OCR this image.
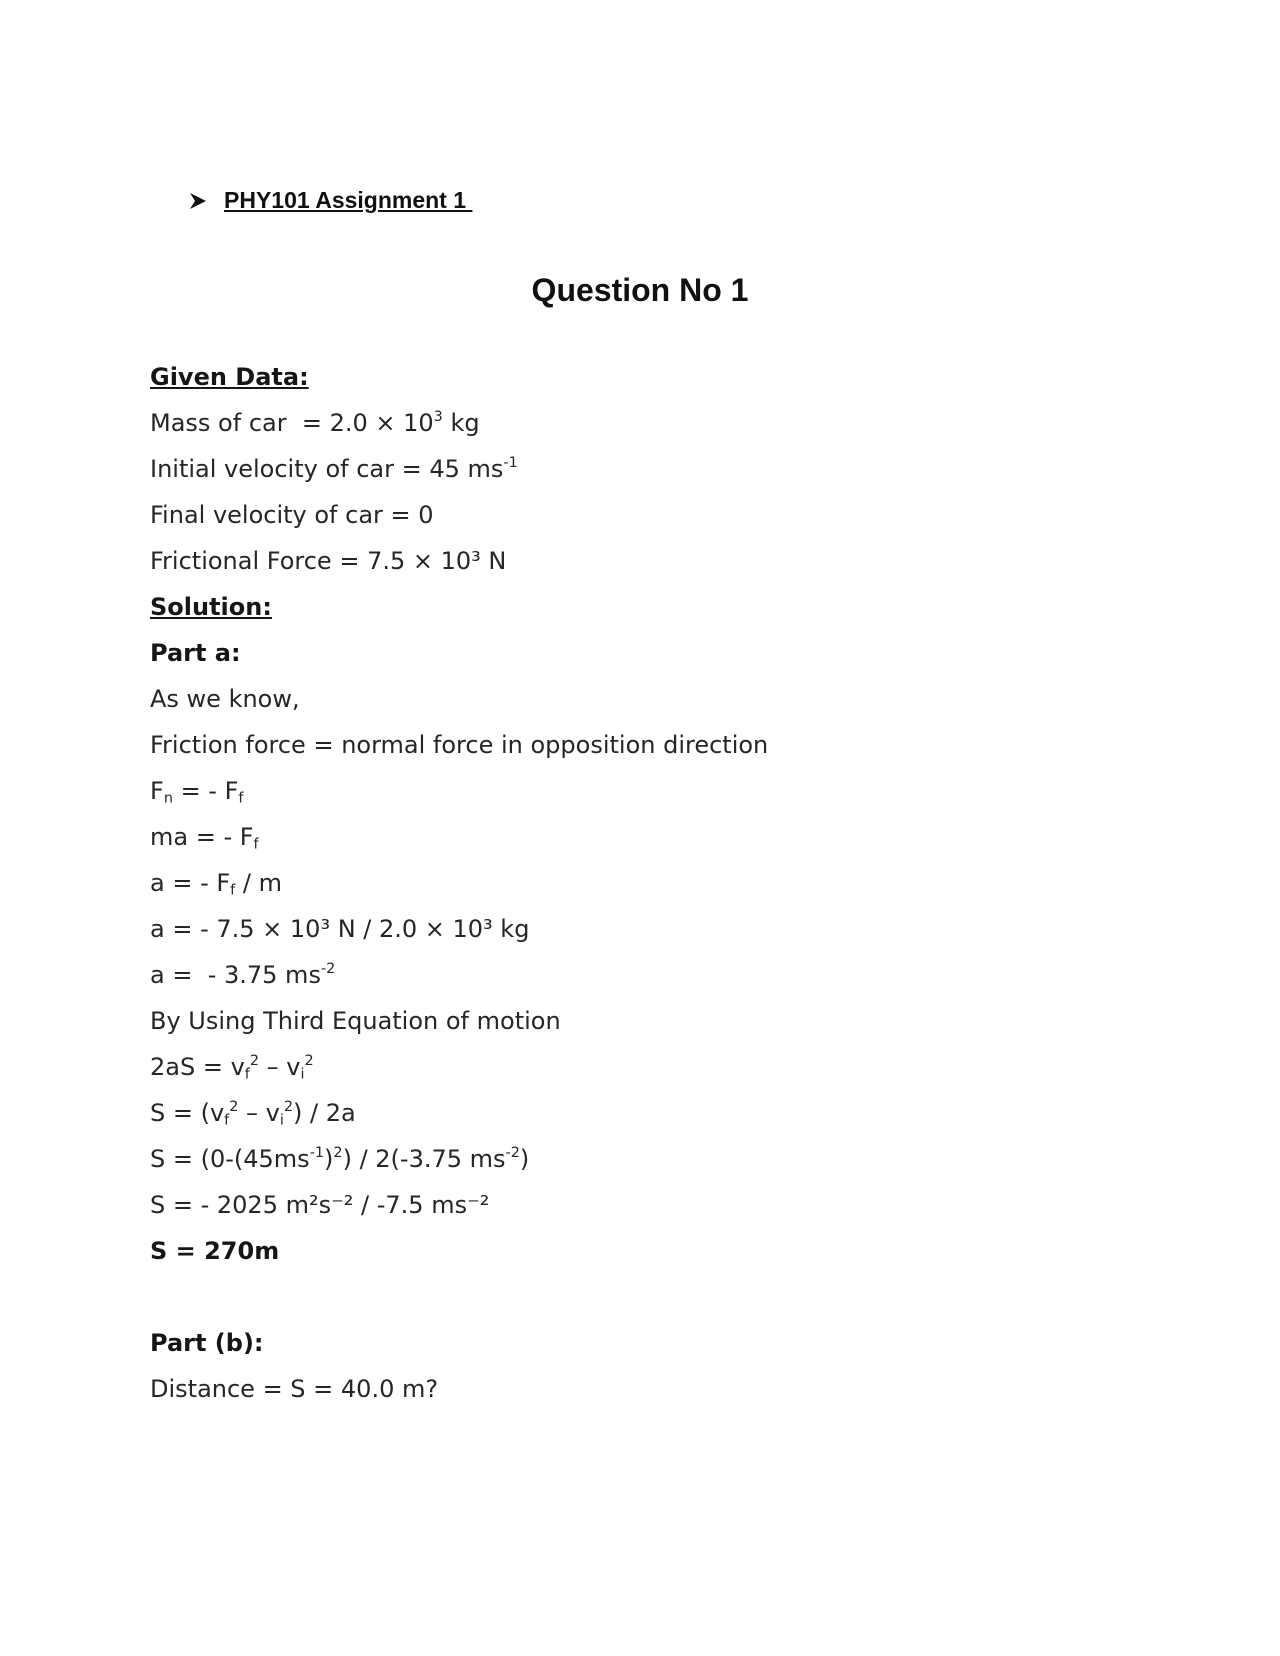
PHY101 Assignment 1
Question No 1
Given Data:
Mass of car  = $2.0 \times 10^3$ kg
Initial velocity of car = 45 $ms^{-1}$
Final velocity of car = 0
Frictional Force = 7.5 × 10³ N
Solution:
Part a:
As we know,
Friction force = normal force in opposition direction
$F_n$ = - $F_f$
ma = - $F_f$
a = - $F_f$ / m
a = - 7.5 × 10³ N / 2.0 × 10³ kg
a =  - 3.75 $ms^{-2}$
By Using Third Equation of motion
$2aS = v_f^2 - v_i^2$
$S = (v_f^2 - v_i^2) / 2a$
$S = (0-(45ms^{-1})^2) / 2(-3.75$ $ms^{-2}$)
S = - 2025 m²s⁻² / -7.5 ms⁻²
S = 270m
Part (b):
Distance = S = 40.0 m?
